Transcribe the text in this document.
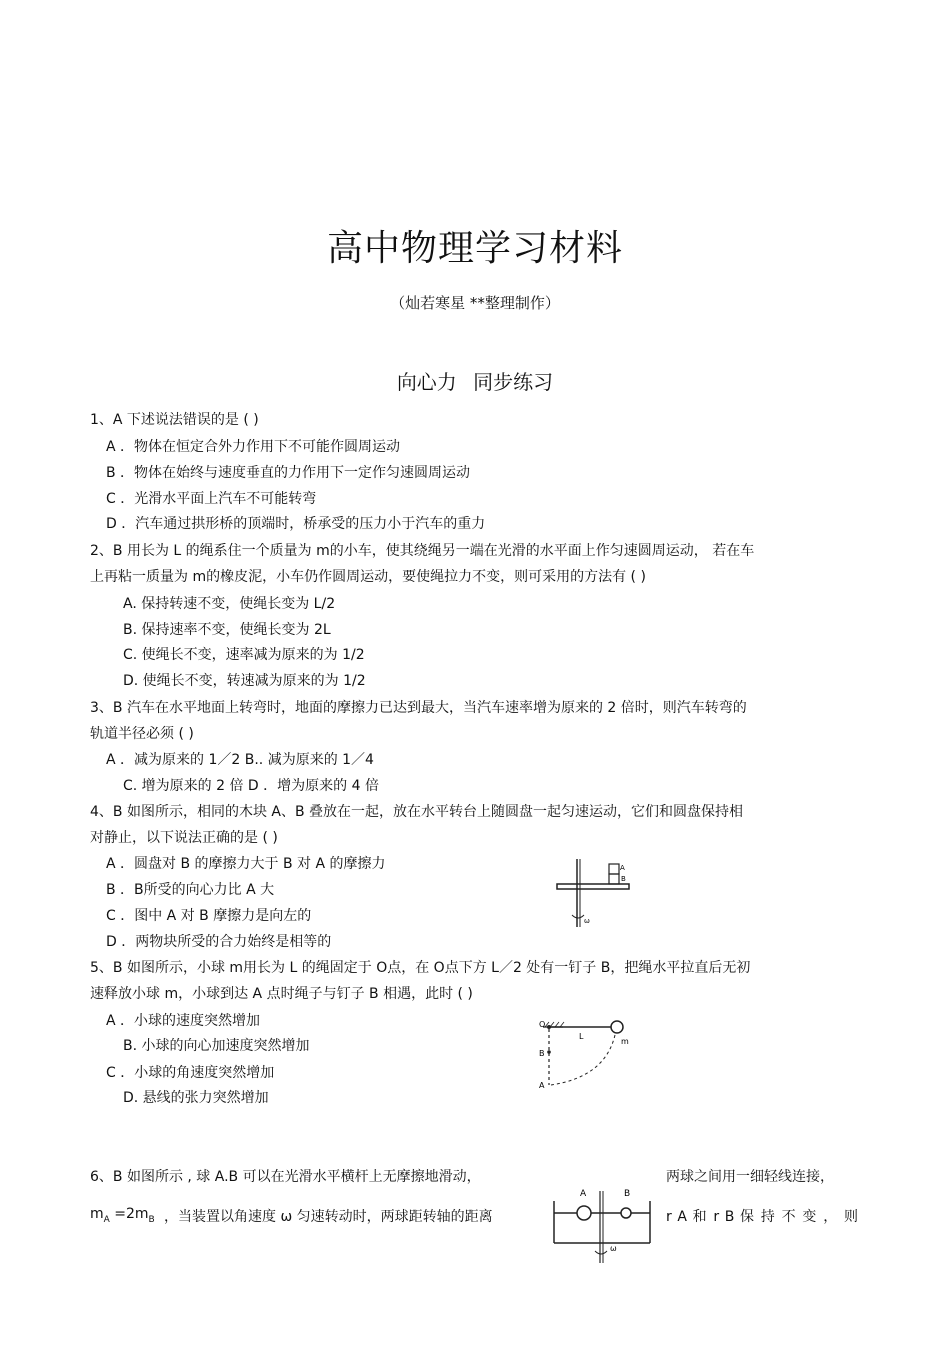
高中物理学习材料
（灿若寒星 **整理制作）
向心力 同步练习
1、A 下述说法错误的是 ( )
A ．物体在恒定合外力作用下不可能作圆周运动
B ．物体在始终与速度垂直的力作用下一定作匀速圆周运动
C ．光滑水平面上汽车不可能转弯
D ．汽车通过拱形桥的顶端时，桥承受的压力小于汽车的重力
2、B 用长为 L 的绳系住一个质量为 m的小车，使其绕绳另一端在光滑的水平面上作匀速圆周运动， 若在车
上再粘一质量为 m的橡皮泥，小车仍作圆周运动，要使绳拉力不变，则可采用的方法有 ( )
A. 保持转速不变，使绳长变为 L/2
B. 保持速率不变，使绳长变为 2L
C. 使绳长不变，速率减为原来的为 1/2
D. 使绳长不变，转速减为原来的为 1/2
3、B 汽车在水平地面上转弯时，地面的摩擦力已达到最大，当汽车速率增为原来的 2 倍时，则汽车转弯的
轨道半径必须 ( )
A ．减为原来的 1／2 B.. 减为原来的 1／4
C. 增为原来的 2 倍 D ．增为原来的 4 倍
4、B 如图所示，相同的木块 A、B 叠放在一起，放在水平转台上随圆盘一起匀速运动，它们和圆盘保持相
对静止，以下说法正确的是 ( )
A ．圆盘对 B 的摩擦力大于 B 对 A 的摩擦力
B ．B所受的向心力比 A 大
C ．图中 A 对 B 摩擦力是向左的
D ．两物块所受的合力始终是相等的
A
B
ω
5、B 如图所示，小球 m用长为 L 的绳固定于 O点，在 O点下方 L／2 处有一钉子 B，把绳水平拉直后无初
速释放小球 m，小球到达 A 点时绳子与钉子 B 相遇，此时 ( )
A ．小球的速度突然增加
B. 小球的向心加速度突然增加
C ．小球的角速度突然增加
D. 悬线的张力突然增加
O
L
m
B
A
6、B 如图所示 , 球 A.B 可以在光滑水平横杆上无摩擦地滑动，	两球之间用一细轻线连接，
$m_A =2m_B$ ，当装置以角速度 ω 匀速转动时，两球距转轴的距离	r A 和 r B 保 持 不 变 ， 则
A	B
ω
